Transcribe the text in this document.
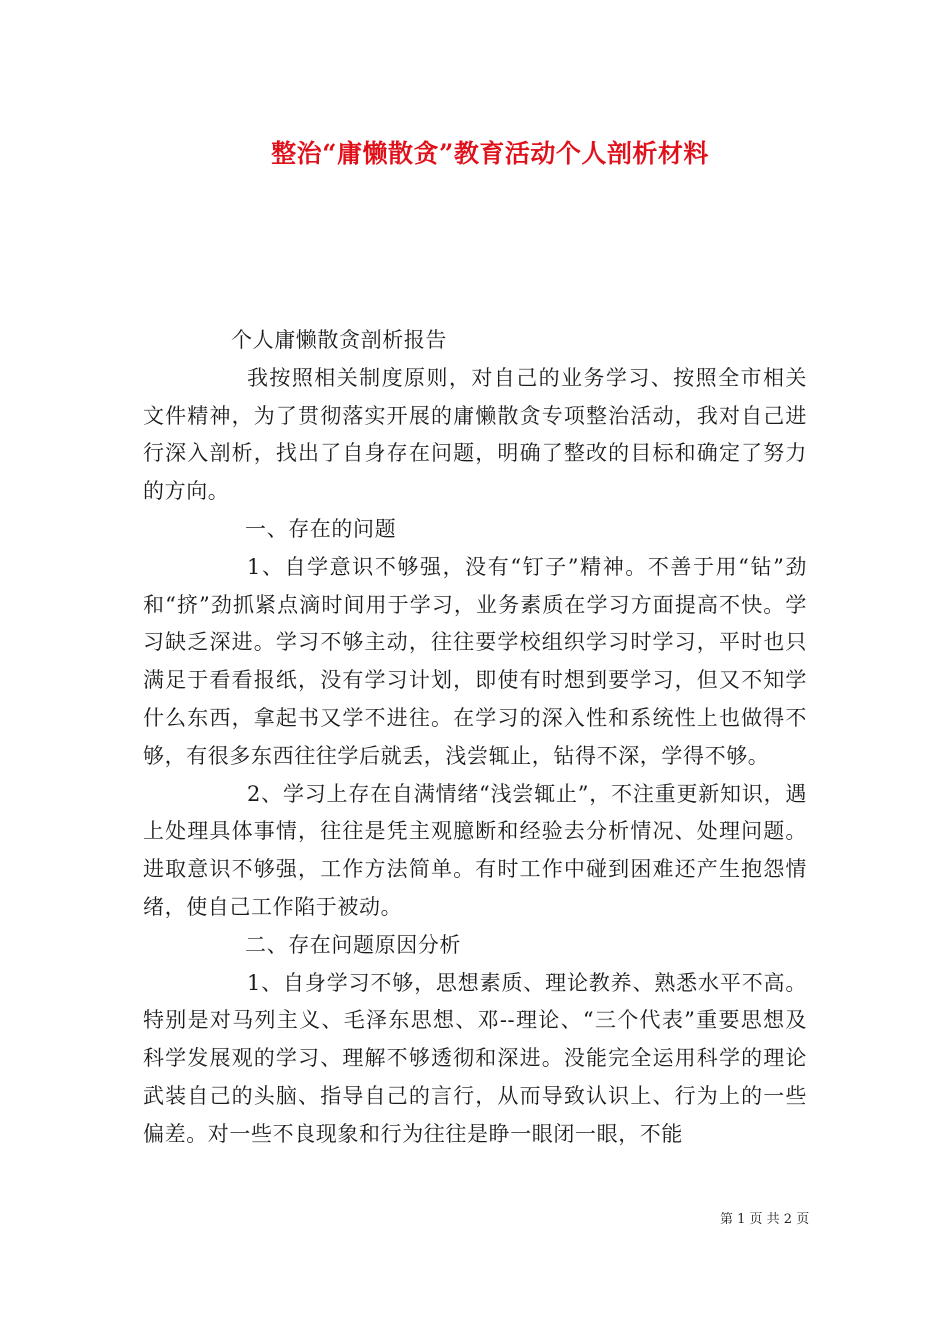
整治“庸懒散贪”教育活动个人剖析材料

个人庸懒散贪剖析报告

我按照相关制度原则，对自己的业务学习、按照全市相关文件精神，为了贯彻落实开展的庸懒散贪专项整治活动，我对自己进行深入剖析，找出了自身存在问题，明确了整改的目标和确定了努力的方向。

一、存在的问题

1、自学意识不够强，没有“钉子”精神。不善于用“钻”劲和“挤”劲抓紧点滴时间用于学习，业务素质在学习方面提高不快。学习缺乏深进。学习不够主动，往往要学校组织学习时学习，平时也只满足于看看报纸，没有学习计划，即使有时想到要学习，但又不知学什么东西，拿起书又学不进往。在学习的深入性和系统性上也做得不够，有很多东西往往学后就丢，浅尝辄止，钻得不深，学得不够。

2、学习上存在自满情绪“浅尝辄止”，不注重更新知识，遇上处理具体事情，往往是凭主观臆断和经验去分析情况、处理问题。进取意识不够强，工作方法简单。有时工作中碰到困难还产生抱怨情绪，使自己工作陷于被动。

二、存在问题原因分析

1、自身学习不够，思想素质、理论教养、熟悉水平不高。特别是对马列主义、毛泽东思想、邓--理论、“三个代表”重要思想及科学发展观的学习、理解不够透彻和深进。没能完全运用科学的理论武装自己的头脑、指导自己的言行，从而导致认识上、行为上的一些偏差。对一些不良现象和行为往往是睁一眼闭一眼，不能

第 1 页 共 2 页
